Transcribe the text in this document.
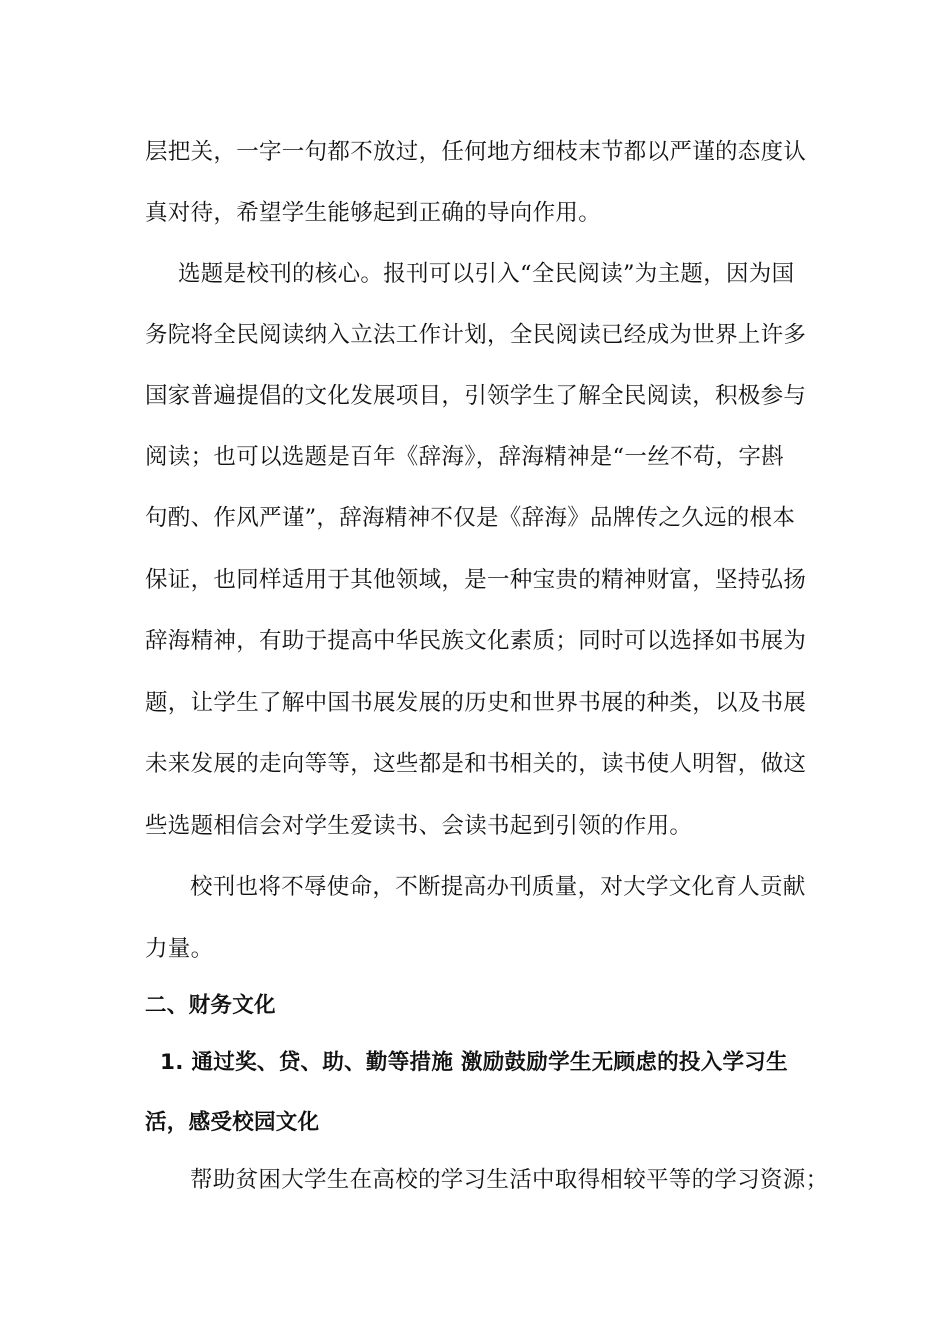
层把关，一字一句都不放过，任何地方细枝末节都以严谨的态度认
真对待，希望学生能够起到正确的导向作用。
选题是校刊的核心。报刊可以引入“全民阅读”为主题，因为国
务院将全民阅读纳入立法工作计划，全民阅读已经成为世界上许多
国家普遍提倡的文化发展项目，引领学生了解全民阅读，积极参与
阅读；也可以选题是百年《辞海》，辞海精神是“一丝不苟，字斟
句酌、作风严谨”，辞海精神不仅是《辞海》品牌传之久远的根本
保证，也同样适用于其他领域，是一种宝贵的精神财富，坚持弘扬
辞海精神，有助于提高中华民族文化素质；同时可以选择如书展为
题，让学生了解中国书展发展的历史和世界书展的种类，以及书展
未来发展的走向等等，这些都是和书相关的，读书使人明智，做这
些选题相信会对学生爱读书、会读书起到引领的作用。
校刊也将不辱使命，不断提高办刊质量，对大学文化育人贡献
力量。
二、财务文化
1. 通过奖、贷、助、勤等措施 激励鼓励学生无顾虑的投入学习生
活，感受校园文化
帮助贫困大学生在高校的学习生活中取得相较平等的学习资源；
